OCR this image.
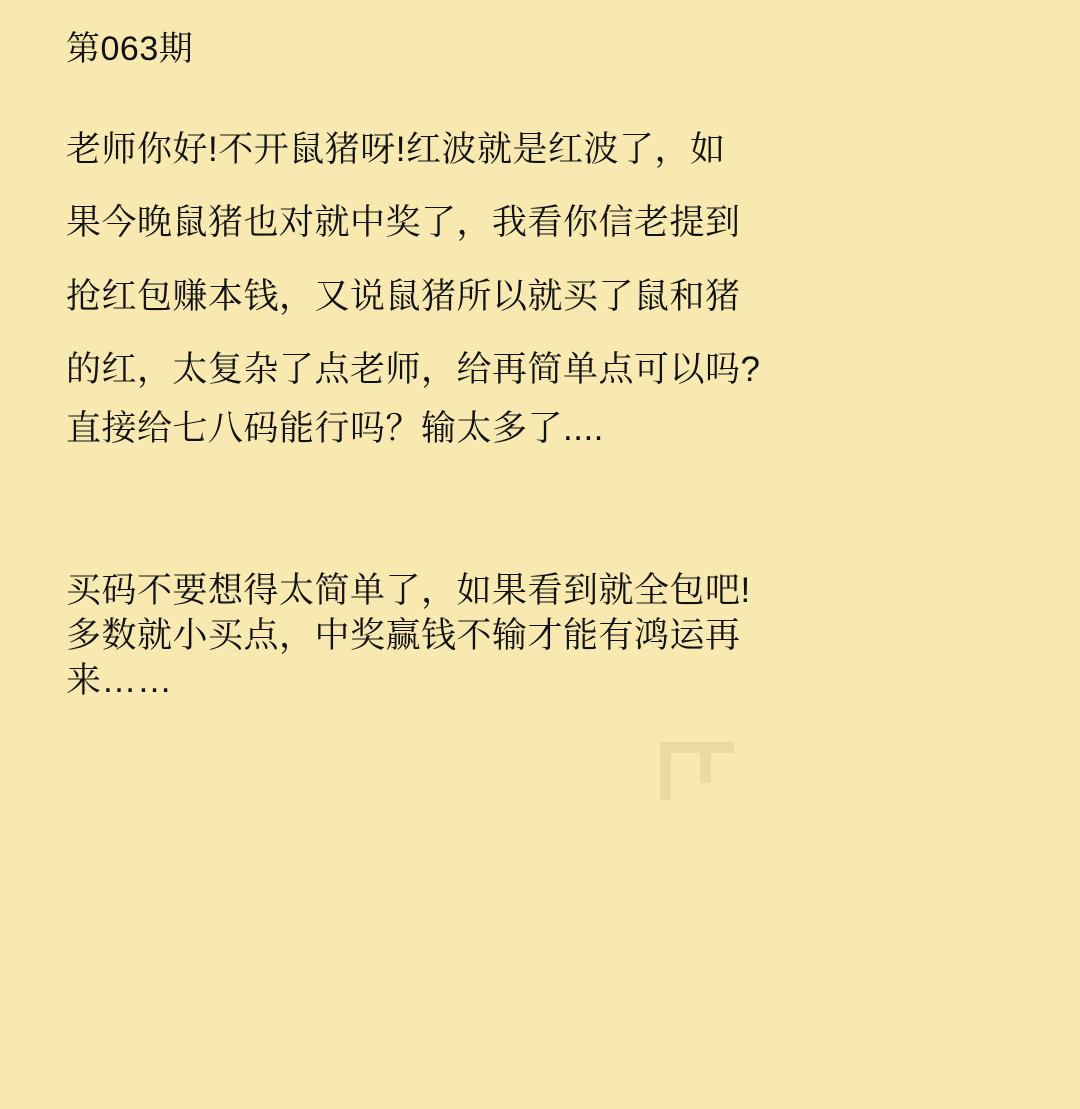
第063期
老师你好!不开鼠猪呀!红波就是红波了，如
果今晚鼠猪也对就中奖了，我看你信老提到
抢红包赚本钱，又说鼠猪所以就买了鼠和猪
的红，太复杂了点老师，给再简单点可以吗?
直接给七八码能行吗？输太多了....
买码不要想得太简单了，如果看到就全包吧!
多数就小买点，中奖赢钱不输才能有鸿运再
来……
